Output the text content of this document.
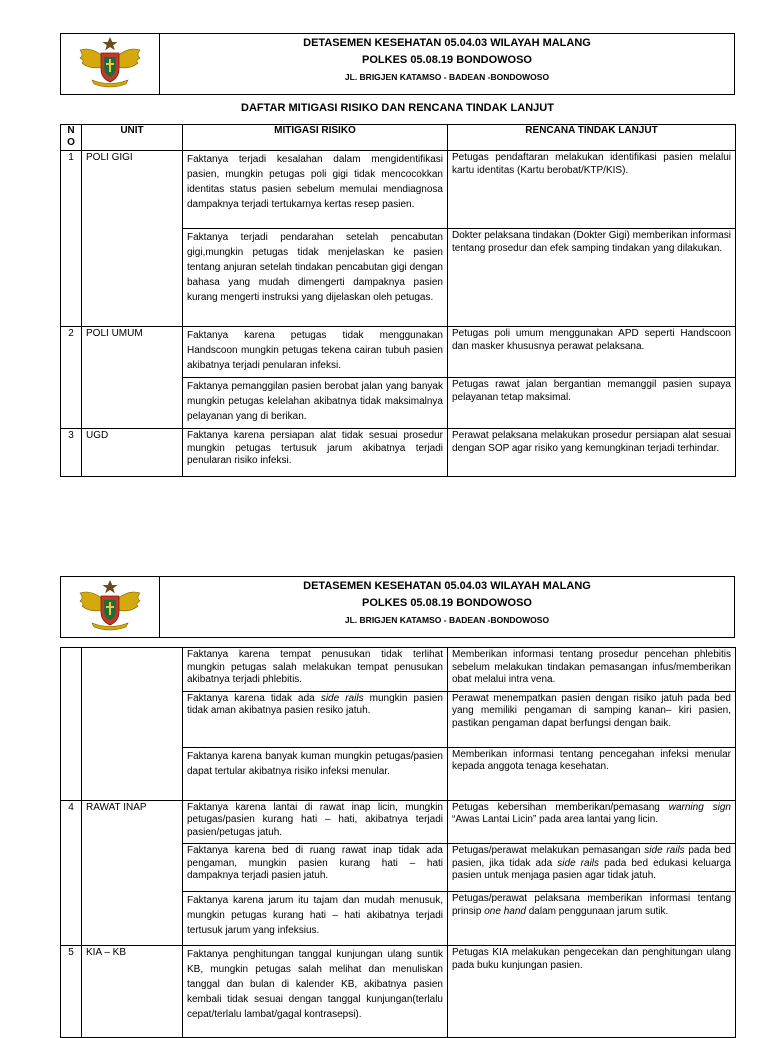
DETASEMEN KESEHATAN 05.04.03 WILAYAH MALANG
POLKES 05.08.19 BONDOWOSO
JL. BRIGJEN KATAMSO - BADEAN -BONDOWOSO
DAFTAR MITIGASI RISIKO DAN RENCANA TINDAK LANJUT
N O	UNIT	MITIGASI RISIKO	RENCANA TINDAK LANJUT
1	POLI GIGI	Faktanya terjadi kesalahan dalam mengidentifikasi pasien, mungkin petugas poli gigi tidak mencocokkan identitas status pasien sebelum memulai mendiagnosa dampaknya terjadi tertukarnya kertas resep pasien.	Petugas pendaftaran melakukan identifikasi pasien melalui kartu identitas (Kartu berobat/KTP/KIS).
		Faktanya terjadi pendarahan setelah pencabutan gigi,mungkin petugas tidak menjelaskan ke pasien tentang anjuran setelah tindakan pencabutan gigi dengan bahasa yang mudah dimengerti dampaknya pasien kurang mengerti instruksi yang dijelaskan oleh petugas.	Dokter pelaksana tindakan (Dokter Gigi) memberikan informasi tentang prosedur dan efek samping tindakan yang dilakukan.
2	POLI UMUM	Faktanya karena petugas tidak menggunakan Handscoon mungkin petugas tekena cairan tubuh pasien akibatnya terjadi penularan infeksi.	Petugas poli umum menggunakan APD seperti Handscoon dan masker khususnya perawat pelaksana.
		Faktanya pemanggilan pasien berobat jalan yang banyak mungkin petugas kelelahan akibatnya tidak maksimalnya pelayanan yang di berikan.	Petugas rawat jalan bergantian memanggil pasien supaya pelayanan tetap maksimal.
3	UGD	Faktanya karena persiapan alat tidak sesuai prosedur mungkin petugas tertusuk jarum akibatnya terjadi penularan risiko infeksi.	Perawat pelaksana melakukan prosedur persiapan alat sesuai dengan SOP agar risiko yang kemungkinan terjadi terhindar.
DETASEMEN KESEHATAN 05.04.03 WILAYAH MALANG
POLKES 05.08.19 BONDOWOSO
JL. BRIGJEN KATAMSO - BADEAN -BONDOWOSO
		Faktanya karena tempat penusukan tidak terlihat mungkin petugas salah melakukan tempat penusukan akibatnya terjadi phlebitis.	Memberikan informasi tentang prosedur pencehan phlebitis sebelum melakukan tindakan pemasangan infus/memberikan obat melalui intra vena.
		Faktanya karena tidak ada side rails mungkin pasien tidak aman akibatnya pasien resiko jatuh.	Perawat menempatkan pasien dengan risiko jatuh pada bed yang memiliki pengaman di samping kanan– kiri pasien, pastikan pengaman dapat berfungsi dengan baik.
		Faktanya karena banyak kuman mungkin petugas/pasien dapat tertular akibatnya risiko infeksi menular.	Memberikan informasi tentang pencegahan infeksi menular kepada anggota tenaga kesehatan.
4	RAWAT INAP	Faktanya karena lantai di rawat inap licin, mungkin petugas/pasien kurang hati – hati, akibatnya terjadi pasien/petugas jatuh.	Petugas kebersihan memberikan/pemasang warning sign “Awas Lantai Licin” pada area lantai yang licin.
		Faktanya karena bed di ruang rawat inap tidak ada pengaman, mungkin pasien kurang hati – hati dampaknya terjadi pasien jatuh.	Petugas/perawat melakukan pemasangan side rails pada bed pasien, jika tidak ada side rails pada bed edukasi keluarga pasien untuk menjaga pasien agar tidak jatuh.
		Faktanya karena jarum itu tajam dan mudah menusuk, mungkin petugas kurang hati – hati akibatnya terjadi tertusuk jarum yang infeksius.	Petugas/perawat pelaksana memberikan informasi tentang prinsip one hand dalam penggunaan jarum sutik.
5	KIA – KB	Faktanya penghitungan tanggal kunjungan ulang suntik KB, mungkin petugas salah melihat dan menuliskan tanggal dan bulan di kalender KB, akibatnya pasien kembali tidak sesuai dengan tanggal kunjungan(terlalu cepat/terlalu lambat/gagal kontrasepsi).	Petugas KIA melakukan pengecekan dan penghitungan ulang pada buku kunjungan pasien.
